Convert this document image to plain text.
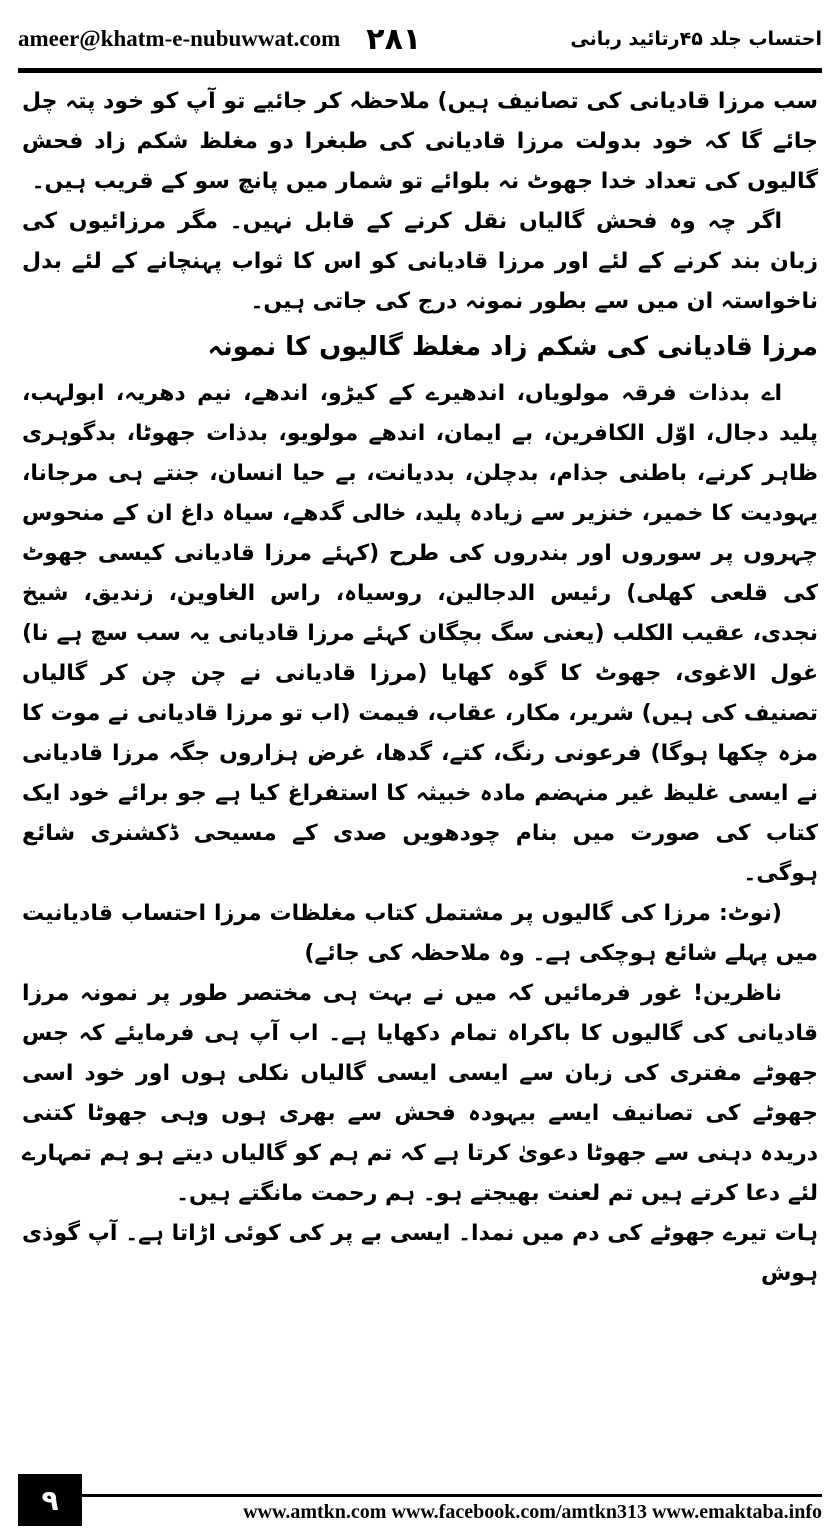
ameer@khatm-e-nubuwwat.com ۲۸۱	احتساب جلد ۴۵رتائید ربانی

سب مرزا قادیانی کی تصانیف ہیں) ملاحظہ کر جائیے تو آپ کو خود پتہ چل جائے گا کہ خود بدولت مرزا قادیانی کی طبغرا دو مغلظ شکم زاد فحش گالیوں کی تعداد خدا جھوٹ نہ بلوائے تو شمار میں پانچ سو کے قریب ہیں۔

اگر چہ وہ فحش گالیاں نقل کرنے کے قابل نہیں۔ مگر مرزائیوں کی زبان بند کرنے کے لئے اور مرزا قادیانی کو اس کا ثواب پہنچانے کے لئے بدل ناخواستہ ان میں سے بطور نمونہ درج کی جاتی ہیں۔

مرزا قادیانی کی شکم زاد مغلظ گالیوں کا نمونہ

اے بدذات فرقہ مولویاں، اندھیرے کے کیڑو، اندھے، نیم دھریہ، ابولہب، پلید دجال، اوّل الکافرین، بے ایمان، اندھے مولویو، بدذات جھوٹا، بدگوہری ظاہر کرنے، باطنی جذام، بدچلن، بددیانت، بے حیا انسان، جنتے ہی مرجانا، یہودیت کا خمیر، خنزیر سے زیادہ پلید، خالی گدھے، سیاہ داغ ان کے منحوس چہروں پر سوروں اور بندروں کی طرح (کہئے مرزا قادیانی کیسی جھوٹ کی قلعی کھلی) رئیس الدجالین، روسیاہ، راس الغاوین، زندیق، شیخ نجدی، عقیب الکلب (یعنی سگ بچگان کہئے مرزا قادیانی یہ سب سچ ہے نا) غول الاغوی، جھوٹ کا گوہ کھایا (مرزا قادیانی نے چن چن کر گالیاں تصنیف کی ہیں) شریر، مکار، عقاب، فیمت (اب تو مرزا قادیانی نے موت کا مزہ چکھا ہوگا) فرعونی رنگ، کتے، گدھا، غرض ہزاروں جگہ مرزا قادیانی نے ایسی غلیظ غیر منہضم مادہ خبیثہ کا استفراغ کیا ہے جو برائے خود ایک کتاب کی صورت میں بنام چودھویں صدی کے مسیحی ڈکشنری شائع ہوگی۔

(نوٹ: مرزا کی گالیوں پر مشتمل کتاب مغلظات مرزا احتساب قادیانیت میں پہلے شائع ہوچکی ہے۔ وہ ملاحظہ کی جائے)

ناظرین! غور فرمائیں کہ میں نے بہت ہی مختصر طور پر نمونہ مرزا قادیانی کی گالیوں کا باکراہ تمام دکھایا ہے۔ اب آپ ہی فرمایئے کہ جس جھوٹے مفتری کی زبان سے ایسی ایسی گالیاں نکلی ہوں اور خود اسی جھوٹے کی تصانیف ایسے بیہودہ فحش سے بھری ہوں وہی جھوٹا کتنی دریدہ دہنی سے جھوٹا دعویٰ کرتا ہے کہ تم ہم کو گالیاں دیتے ہو ہم تمہارے لئے دعا کرتے ہیں تم لعنت بھیجتے ہو۔ ہم رحمت مانگتے ہیں۔

ہات تیرے جھوٹے کی دم میں نمدا۔ ایسی بے پر کی کوئی اڑاتا ہے۔ آپ گوذی ہوش

۹	www.amtkn.com www.facebook.com/amtkn313 www.emaktaba.info
